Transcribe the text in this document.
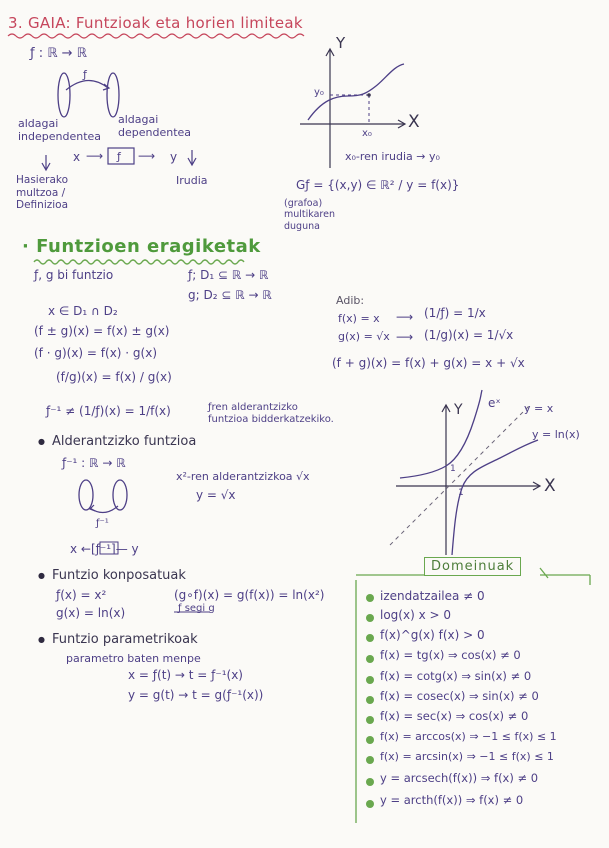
3. GAIA: Funtzioak eta horien limiteak
ƒ : ℝ → ℝ
ƒ
aldagai
independentea
aldagai
dependentea
x ⟶ ƒ ⟶ y
Hasierako
multzoa /
Definizioa
Irudia
Y
X
y₀
x₀
x₀-ren irudia → y₀
Gƒ = {(x,y) ∈ ℝ² / y = f(x)}
(grafoa)
multikaren
duguna
· Funtzioen eragiketak
ƒ, g bi funtzio	ƒ; D₁ ⊆ ℝ → ℝ
g; D₂ ⊆ ℝ → ℝ
x ∈ D₁ ∩ D₂
(f ± g)(x) = f(x) ± g(x)
(f · g)(x) = f(x) · g(x)
(f/g)(x) = f(x) / g(x)
Adib:
f(x) = x ⟶ (1/ƒ) = 1/x
g(x) = √x ⟶ (1/g)(x) = 1/√x
(f + g)(x) = f(x) + g(x) = x + √x
ƒ⁻¹ ≠ (1/ƒ)(x) = 1/f(x)	ƒren alderantzizko
funtzioa bidderkatzekiko.
● Alderantzizko funtzioa
ƒ⁻¹ : ℝ → ℝ
x²-ren alderantzizkoa √x
y = √x
ƒ⁻¹
x ←[ƒ⁻¹]— y
Y
X
eˣ y = x
y = ln(x)
1
1
● Funtzio konposatuak
ƒ(x) = x²
g(x) = ln(x)
(g∘f)(x) = g(f(x)) = ln(x²)
ƒ segi g
● Funtzio parametrikoak
parametro baten menpe
x = ƒ(t) → t = ƒ⁻¹(x)
y = g(t) → t = g(ƒ⁻¹(x))
Domeinuak
izendatzailea ≠ 0
log(x) x > 0
f(x)^g(x) f(x) > 0
f(x) = tg(x) ⇒ cos(x) ≠ 0
f(x) = cotg(x) ⇒ sin(x) ≠ 0
f(x) = cosec(x) ⇒ sin(x) ≠ 0
f(x) = sec(x) ⇒ cos(x) ≠ 0
f(x) = arccos(x) ⇒ −1 ≤ f(x) ≤ 1
f(x) = arcsin(x) ⇒ −1 ≤ f(x) ≤ 1
y = arcsech(f(x)) ⇒ f(x) ≠ 0
y = arcth(f(x)) ⇒ f(x) ≠ 0
